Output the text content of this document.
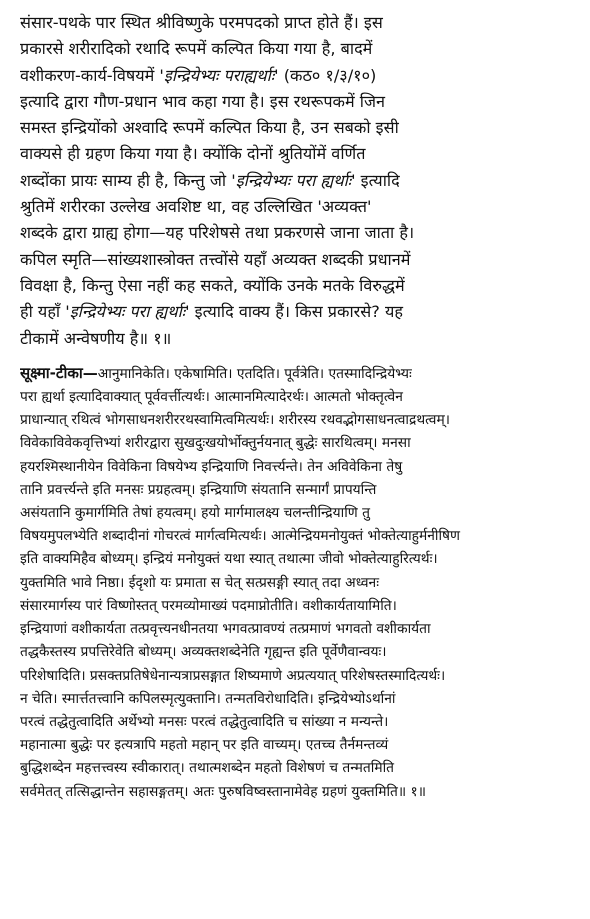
संसार-पथके पार स्थित श्रीविष्णुके परमपदको प्राप्त होते हैं। इस
प्रकारसे शरीरादिको रथादि रूपमें कल्पित किया गया है, बादमें
वशीकरण-कार्य-विषयमें 'इन्द्रियेभ्यः पराह्यर्थाः' (कठ० १/३/१०)
इत्यादि द्वारा गौण-प्रधान भाव कहा गया है। इस रथरूपकमें जिन
समस्त इन्द्रियोंको अश्वादि रूपमें कल्पित किया है, उन सबको इसी
वाक्यसे ही ग्रहण किया गया है। क्योंकि दोनों श्रुतियोंमें वर्णित
शब्दोंका प्रायः साम्य ही है, किन्तु जो 'इन्द्रियेभ्यः परा ह्यर्थाः' इत्यादि
श्रुतिमें शरीरका उल्लेख अवशिष्ट था, वह उल्लिखित 'अव्यक्त'
शब्दके द्वारा ग्राह्य होगा—यह परिशेषसे तथा प्रकरणसे जाना जाता है।
कपिल स्मृति—सांख्यशास्त्रोक्त तत्त्वोंसे यहाँ अव्यक्त शब्दकी प्रधानमें
विवक्षा है, किन्तु ऐसा नहीं कह सकते, क्योंकि उनके मतके विरुद्धमें
ही यहाँ 'इन्द्रियेभ्यः परा ह्यर्थाः' इत्यादि वाक्य हैं। किस प्रकारसे? यह
टीकामें अन्वेषणीय है॥ १॥

सूक्ष्मा-टीका—आनुमानिकेति। एकेषामिति। एतदिति। पूर्वत्रेति। एतस्मादिन्द्रियेभ्यः
परा ह्यर्था इत्यादिवाक्यात् पूर्ववर्त्तीत्यर्थः। आत्मानमित्यादेरर्थः। आत्मतो भोक्तृत्वेन
प्राधान्यात् रथित्वं भोगसाधनशरीररथस्वामित्वमित्यर्थः। शरीरस्य रथवद्भोगसाधनत्वाद्रथत्वम्।
विवेकाविवेकवृत्तिभ्यां शरीरद्वारा सुखदुःखयोर्भोक्तुर्नयनात् बुद्धेः सारथित्वम्। मनसा
हयरश्मिस्थानीयेन विवेकिना विषयेभ्य इन्द्रियाणि निवर्त्त्यन्ते। तेन अविवेकिना तेषु
तानि प्रवर्त्त्यन्ते इति मनसः प्रग्रहत्वम्। इन्द्रियाणि संयतानि सन्मार्गं प्रापयन्ति
असंयतानि कुमार्गमिति तेषां हयत्वम्। हयो मार्गमालक्ष्य चलन्तीन्द्रियाणि तु
विषयमुपलभ्येति शब्दादीनां गोचरत्वं मार्गत्वमित्यर्थः। आत्मेन्द्रियमनोयुक्तं भोक्तेत्याहुर्मनीषिण
इति वाक्यमिहैव बोध्यम्। इन्द्रियं मनोयुक्तं यथा स्यात् तथात्मा जीवो भोक्तेत्याहुरित्यर्थः।
युक्तमिति भावे निष्ठा। ईदृशो यः प्रमाता स चेत् सत्प्रसङ्गी स्यात् तदा अध्वनः
संसारमार्गस्य पारं विष्णोस्तत् परमव्योमाख्यं पदमाप्नोतीति। वशीकार्यतायामिति।
इन्द्रियाणां वशीकार्यता तत्प्रवृत्त्यनधीनतया भगवत्प्रावण्यं तत्प्रमाणं भगवतो वशीकार्यता
तद्धकैस्तस्य प्रपत्तिरेवेति बोध्यम्। अव्यक्तशब्देनेति गृह्यन्त इति पूर्वेणैवान्वयः।
परिशेषादिति। प्रसक्तप्रतिषेधेनान्यत्राप्रसङ्गात शिष्यमाणे अप्रत्ययात् परिशेषस्तस्मादित्यर्थः।
न चेति। स्मार्त्ततत्त्वानि कपिलस्मृत्युक्तानि। तन्मतविरोधादिति। इन्द्रियेभ्योऽर्थानां
परत्वं तद्धेतुत्वादिति अर्थेभ्यो मनसः परत्वं तद्धेतुत्वादिति च सांख्या न मन्यन्ते।
महानात्मा बुद्धेः पर इत्यत्रापि महतो महान् पर इति वाच्यम्। एतच्च तैर्नमन्तव्यं
बुद्धिशब्देन महत्तत्त्वस्य स्वीकारात्। तथात्मशब्देन महतो विशेषणं च तन्मतमिति
सर्वमेतत् तत्सिद्धान्तेन सहासङ्गतम्। अतः पुरुषविष्वस्तानामेवेह ग्रहणं युक्तमिति॥ १॥
